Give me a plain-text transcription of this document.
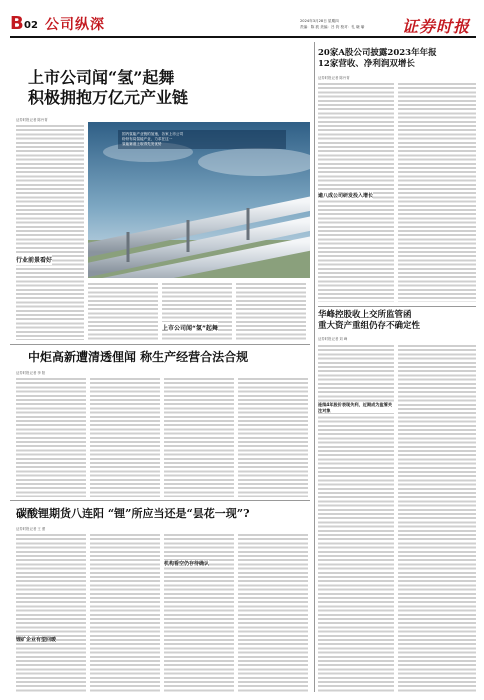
B 02 公司纵深	2024年3月28日 星期四
责编：陈 波 美编：吕 钧 校对：孔 晓 瑜 证券时报
上市公司闻“氢”起舞
积极拥抱万亿元产业链
证券时报记者 陈丹青
国内氢能产业链的加速，各家上市公司
纷纷布局氢能产业，力求在这一
氢能赛道上取得先发优势
行业前景看好
上市公司闻“氢”起舞
20家A股公司披露2023年年报
12家营收、净利润双增长
证券时报记者 陈丹青
逾八成公司研发投入增长
华峰控股收上交所监管函
重大资产重组仍存不确定性
证券时报记者 刘 峰
连续4年股价表现失利，近期成为监管关注对象
中炬高新遭清透俚闻 称生产经营合法合规
证券时报记者 李 阳
碳酸锂期货八连阳 “锂”所应当还是“昙花一现”?
证券时报记者 王 蕾
锂矿企业有望回暖
机构看空仍存待确认
